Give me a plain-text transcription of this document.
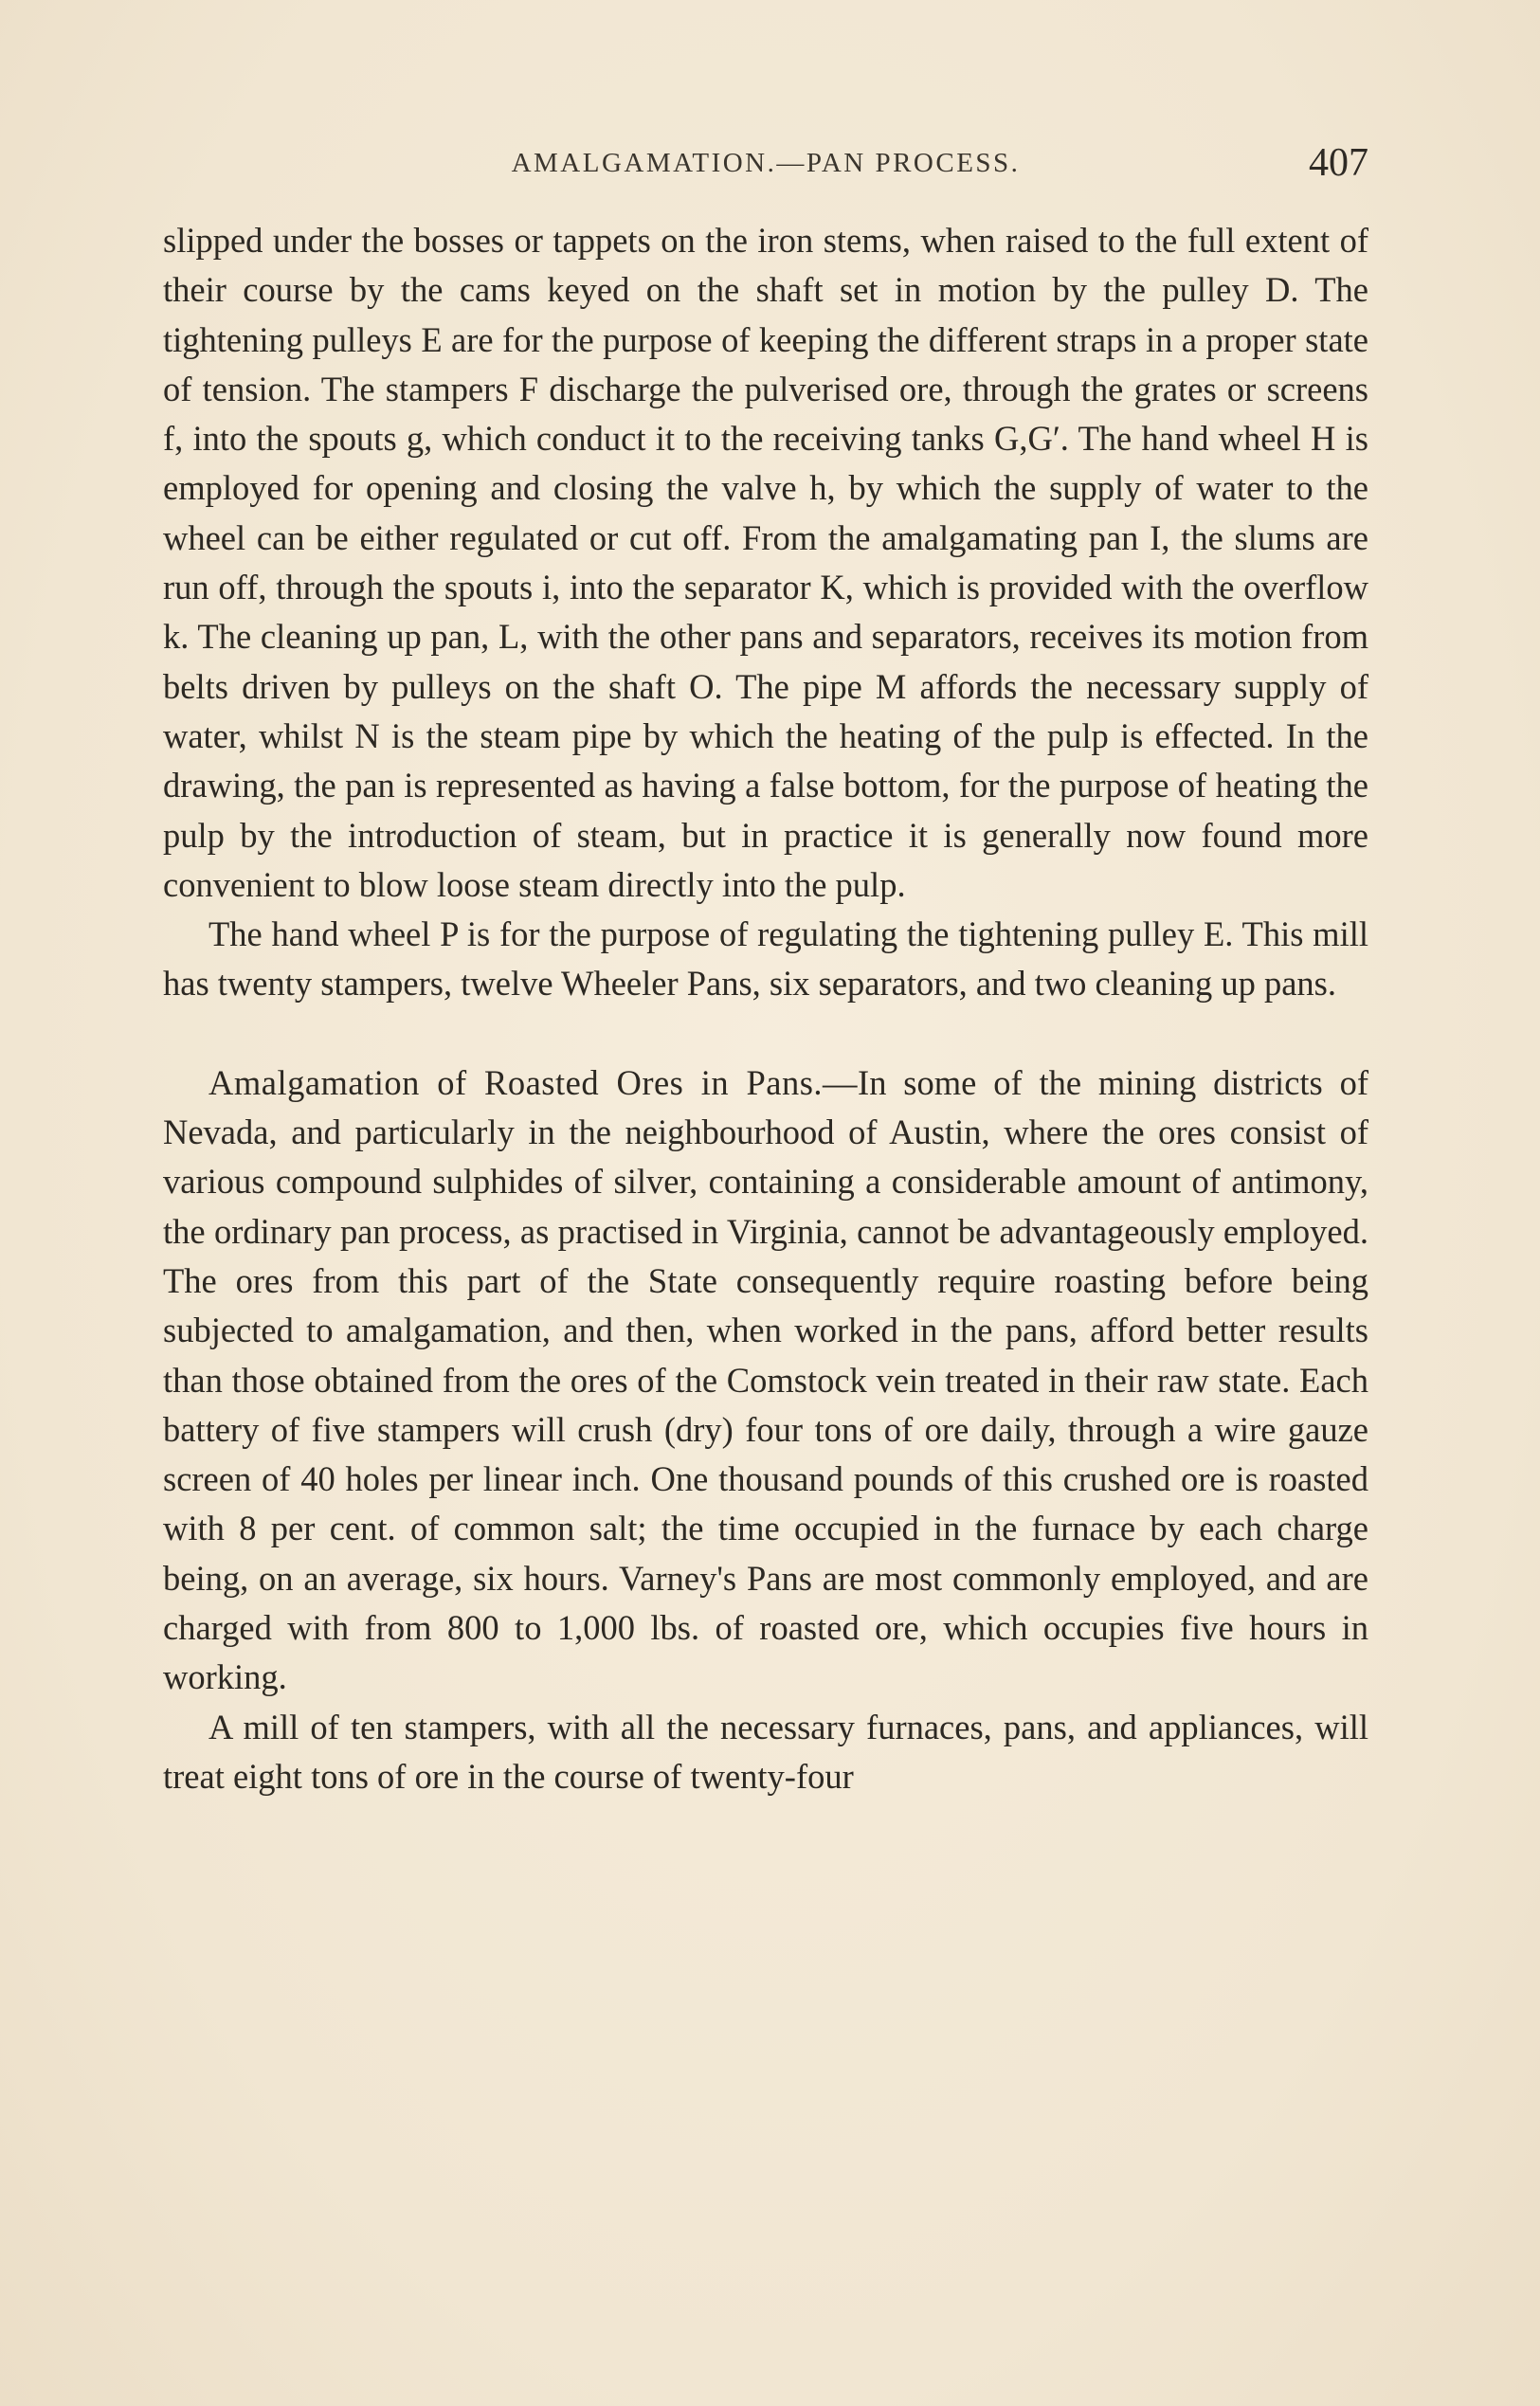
AMALGAMATION.—PAN PROCESS.	407

slipped under the bosses or tappets on the iron stems, when raised to the full extent of their course by the cams keyed on the shaft set in motion by the pulley D. The tightening pulleys E are for the purpose of keeping the different straps in a proper state of tension. The stampers F discharge the pulverised ore, through the grates or screens f, into the spouts g, which conduct it to the receiving tanks G,G′. The hand wheel H is employed for opening and closing the valve h, by which the supply of water to the wheel can be either regulated or cut off. From the amalgamating pan I, the slums are run off, through the spouts i, into the separator K, which is provided with the overflow k. The cleaning up pan, L, with the other pans and separators, receives its motion from belts driven by pulleys on the shaft O. The pipe M affords the necessary supply of water, whilst N is the steam pipe by which the heating of the pulp is effected. In the drawing, the pan is represented as having a false bottom, for the purpose of heating the pulp by the introduction of steam, but in practice it is generally now found more convenient to blow loose steam directly into the pulp.

The hand wheel P is for the purpose of regulating the tightening pulley E. This mill has twenty stampers, twelve Wheeler Pans, six separators, and two cleaning up pans.

Amalgamation of Roasted Ores in Pans.—In some of the mining districts of Nevada, and particularly in the neighbourhood of Austin, where the ores consist of various compound sulphides of silver, containing a considerable amount of antimony, the ordinary pan process, as practised in Virginia, cannot be advantageously employed. The ores from this part of the State consequently require roasting before being subjected to amalgamation, and then, when worked in the pans, afford better results than those obtained from the ores of the Comstock vein treated in their raw state. Each battery of five stampers will crush (dry) four tons of ore daily, through a wire gauze screen of 40 holes per linear inch. One thousand pounds of this crushed ore is roasted with 8 per cent. of common salt; the time occupied in the furnace by each charge being, on an average, six hours. Varney's Pans are most commonly employed, and are charged with from 800 to 1,000 lbs. of roasted ore, which occupies five hours in working.

A mill of ten stampers, with all the necessary furnaces, pans, and appliances, will treat eight tons of ore in the course of twenty-four
